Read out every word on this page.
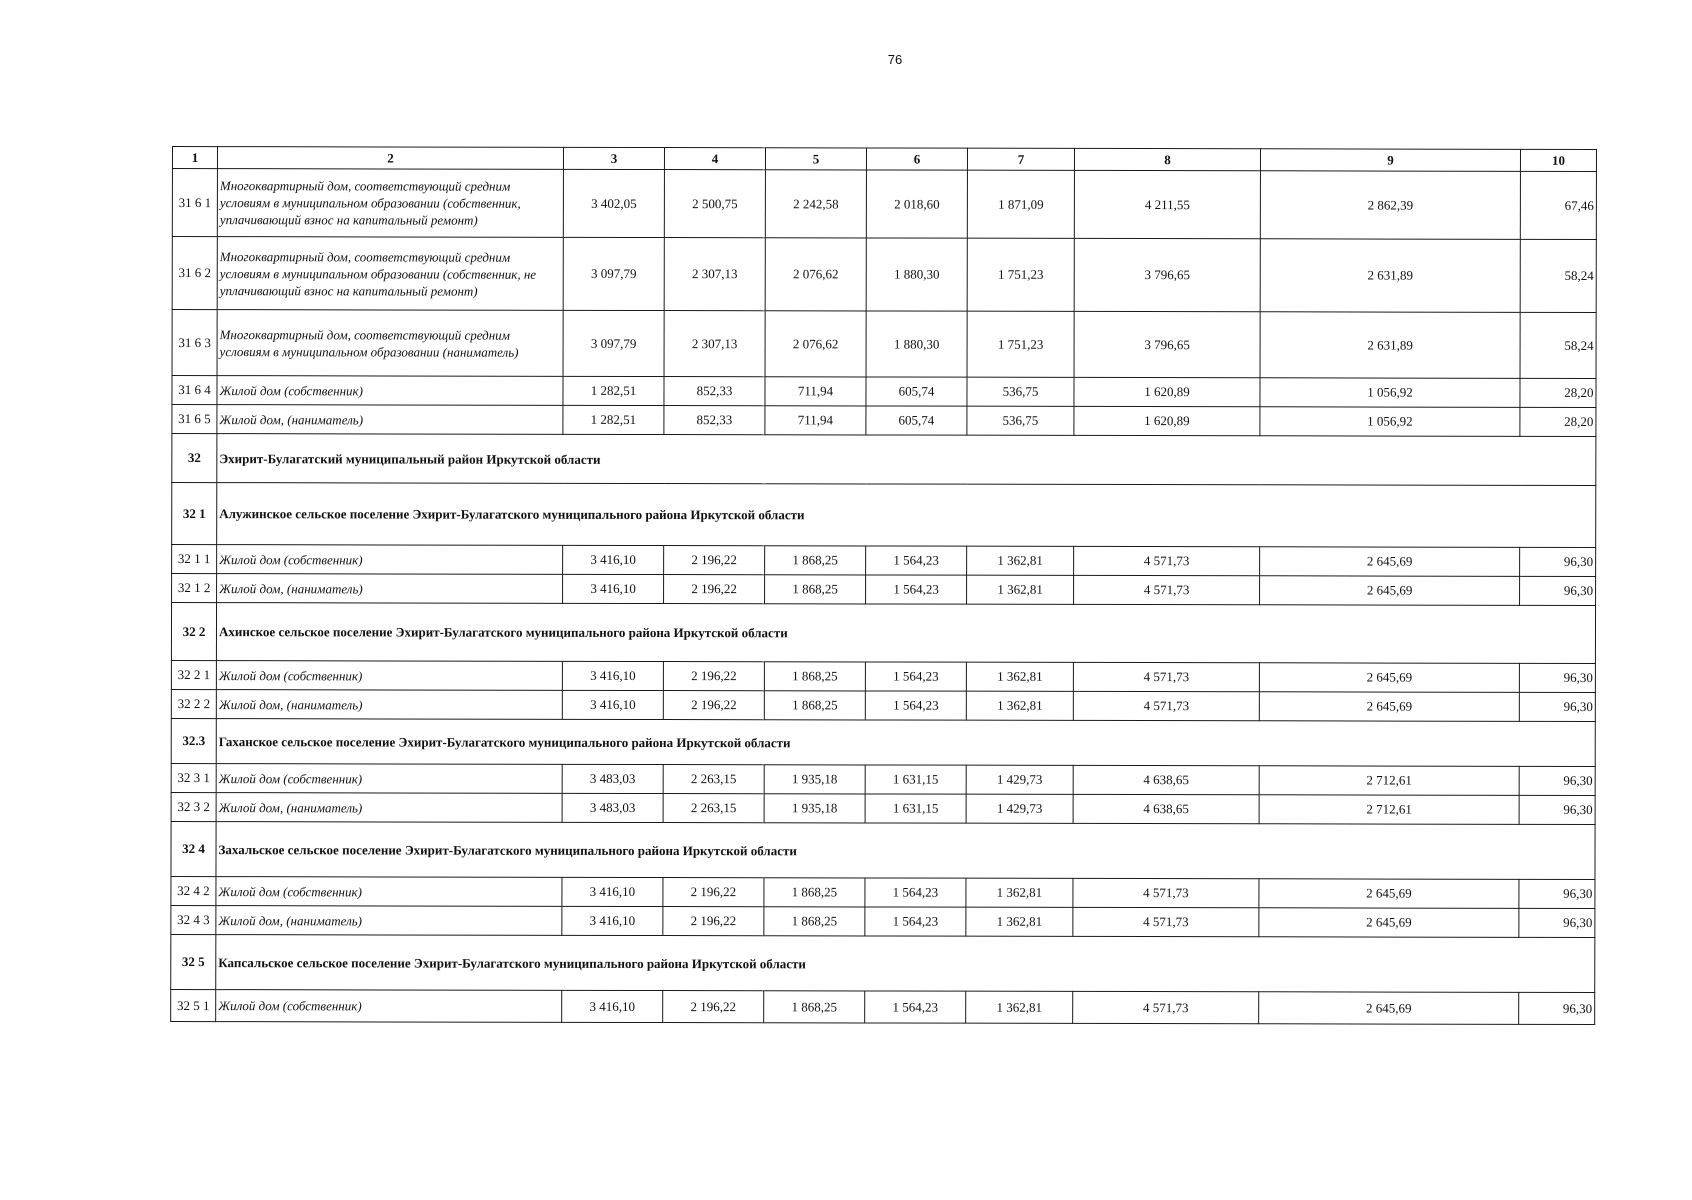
76
1	2	3	4	5	6	7	8	9	10
31 6 1	Многоквартирный дом, соответствующий средним условиям в муниципальном образовании (собственник, уплачивающий взнос на капитальный ремонт)	3 402,05	2 500,75	2 242,58	2 018,60	1 871,09	4 211,55	2 862,39	67,46
31 6 2	Многоквартирный дом, соответствующий средним условиям в муниципальном образовании (собственник, не уплачивающий взнос на капитальный ремонт)	3 097,79	2 307,13	2 076,62	1 880,30	1 751,23	3 796,65	2 631,89	58,24
31 6 3	Многоквартирный дом, соответствующий средним условиям в муниципальном образовании (наниматель)	3 097,79	2 307,13	2 076,62	1 880,30	1 751,23	3 796,65	2 631,89	58,24
31 6 4	Жилой дом (собственник)	1 282,51	852,33	711,94	605,74	536,75	1 620,89	1 056,92	28,20
31 6 5	Жилой дом, (наниматель)	1 282,51	852,33	711,94	605,74	536,75	1 620,89	1 056,92	28,20
32	Эхирит-Булагатский муниципальный район Иркутской области								
32 1	Алужинское сельское поселение Эхирит-Булагатского муниципального района Иркутской области								
32 1 1	Жилой дом (собственник)	3 416,10	2 196,22	1 868,25	1 564,23	1 362,81	4 571,73	2 645,69	96,30
32 1 2	Жилой дом, (наниматель)	3 416,10	2 196,22	1 868,25	1 564,23	1 362,81	4 571,73	2 645,69	96,30
32 2	Ахинское сельское поселение Эхирит-Булагатского муниципального района Иркутской области								
32 2 1	Жилой дом (собственник)	3 416,10	2 196,22	1 868,25	1 564,23	1 362,81	4 571,73	2 645,69	96,30
32 2 2	Жилой дом, (наниматель)	3 416,10	2 196,22	1 868,25	1 564,23	1 362,81	4 571,73	2 645,69	96,30
32.3	Гаханское сельское поселение Эхирит-Булагатского муниципального района Иркутской области								
32 3 1	Жилой дом (собственник)	3 483,03	2 263,15	1 935,18	1 631,15	1 429,73	4 638,65	2 712,61	96,30
32 3 2	Жилой дом, (наниматель)	3 483,03	2 263,15	1 935,18	1 631,15	1 429,73	4 638,65	2 712,61	96,30
32 4	Захальское сельское поселение Эхирит-Булагатского муниципального района Иркутской области								
32 4 2	Жилой дом (собственник)	3 416,10	2 196,22	1 868,25	1 564,23	1 362,81	4 571,73	2 645,69	96,30
32 4 3	Жилой дом, (наниматель)	3 416,10	2 196,22	1 868,25	1 564,23	1 362,81	4 571,73	2 645,69	96,30
32 5	Капсальское сельское поселение Эхирит-Булагатского муниципального района Иркутской области								
32 5 1	Жилой дом (собственник)	3 416,10	2 196,22	1 868,25	1 564,23	1 362,81	4 571,73	2 645,69	96,30
